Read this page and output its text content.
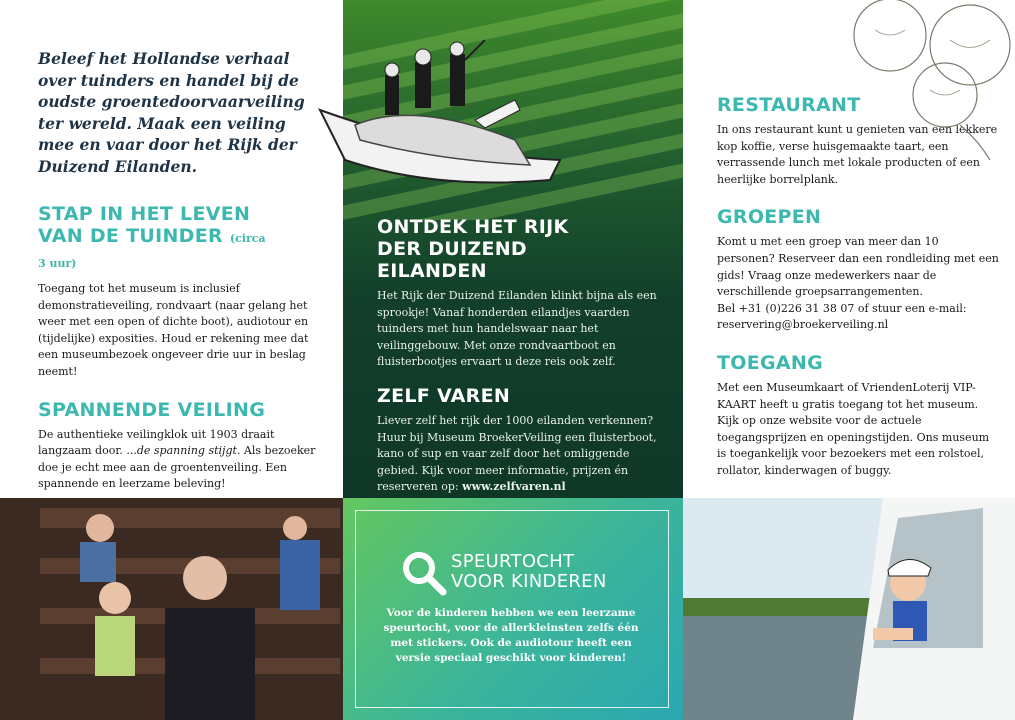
Beleef het Hollandse verhaal over tuinders en handel bij de oudste groentedoorvaarveiling ter wereld. Maak een veiling mee en vaar door het Rijk der Duizend Eilanden.

STAP IN HET LEVEN VAN DE TUINDER (circa 3 uur)

Toegang tot het museum is inclusief demonstratieveiling, rondvaart (naar gelang het weer met een open of dichte boot), audiotour en (tijdelijke) exposities. Houd er rekening mee dat een museumbezoek ongeveer drie uur in beslag neemt!

SPANNENDE VEILING

De authentieke veilingklok uit 1903 draait langzaam door. ...de spanning stijgt. Als bezoeker doe je echt mee aan de groentenveiling. Een spannende en leerzame beleving!

ONTDEK HET RIJK DER DUIZEND EILANDEN

Het Rijk der Duizend Eilanden klinkt bijna als een sprookje! Vanaf honderden eilandjes vaarden tuinders met hun handelswaar naar het veilinggebouw. Met onze rondvaartboot en fluisterbootjes ervaart u deze reis ook zelf.

ZELF VAREN

Liever zelf het rijk der 1000 eilanden verkennen? Huur bij Museum BroekerVeiling een fluisterboot, kano of sup en vaar zelf door het omliggende gebied. Kijk voor meer informatie, prijzen én reserveren op: www.zelfvaren.nl

RESTAURANT

In ons restaurant kunt u genieten van een lekkere kop koffie, verse huisgemaakte taart, een verrassende lunch met lokale producten of een heerlijke borrelplank.

GROEPEN

Komt u met een groep van meer dan 10 personen? Reserveer dan een rondleiding met een gids! Vraag onze medewerkers naar de verschillende groepsarrangementen.
Bel +31 (0)226 31 38 07 of stuur een e-mail:
reservering@broekerveiling.nl

TOEGANG

Met een Museumkaart of VriendenLoterij VIP-KAART heeft u gratis toegang tot het museum. Kijk op onze website voor de actuele toegangsprijzen en openingstijden. Ons museum is toegankelijk voor bezoekers met een rolstoel, rollator, kinderwagen of buggy.

SPEURTOCHT
VOOR KINDEREN
Voor de kinderen hebben we een leerzame speurtocht, voor de allerkleinsten zelfs één met stickers. Ook de audiotour heeft een versie speciaal geschikt voor kinderen!
